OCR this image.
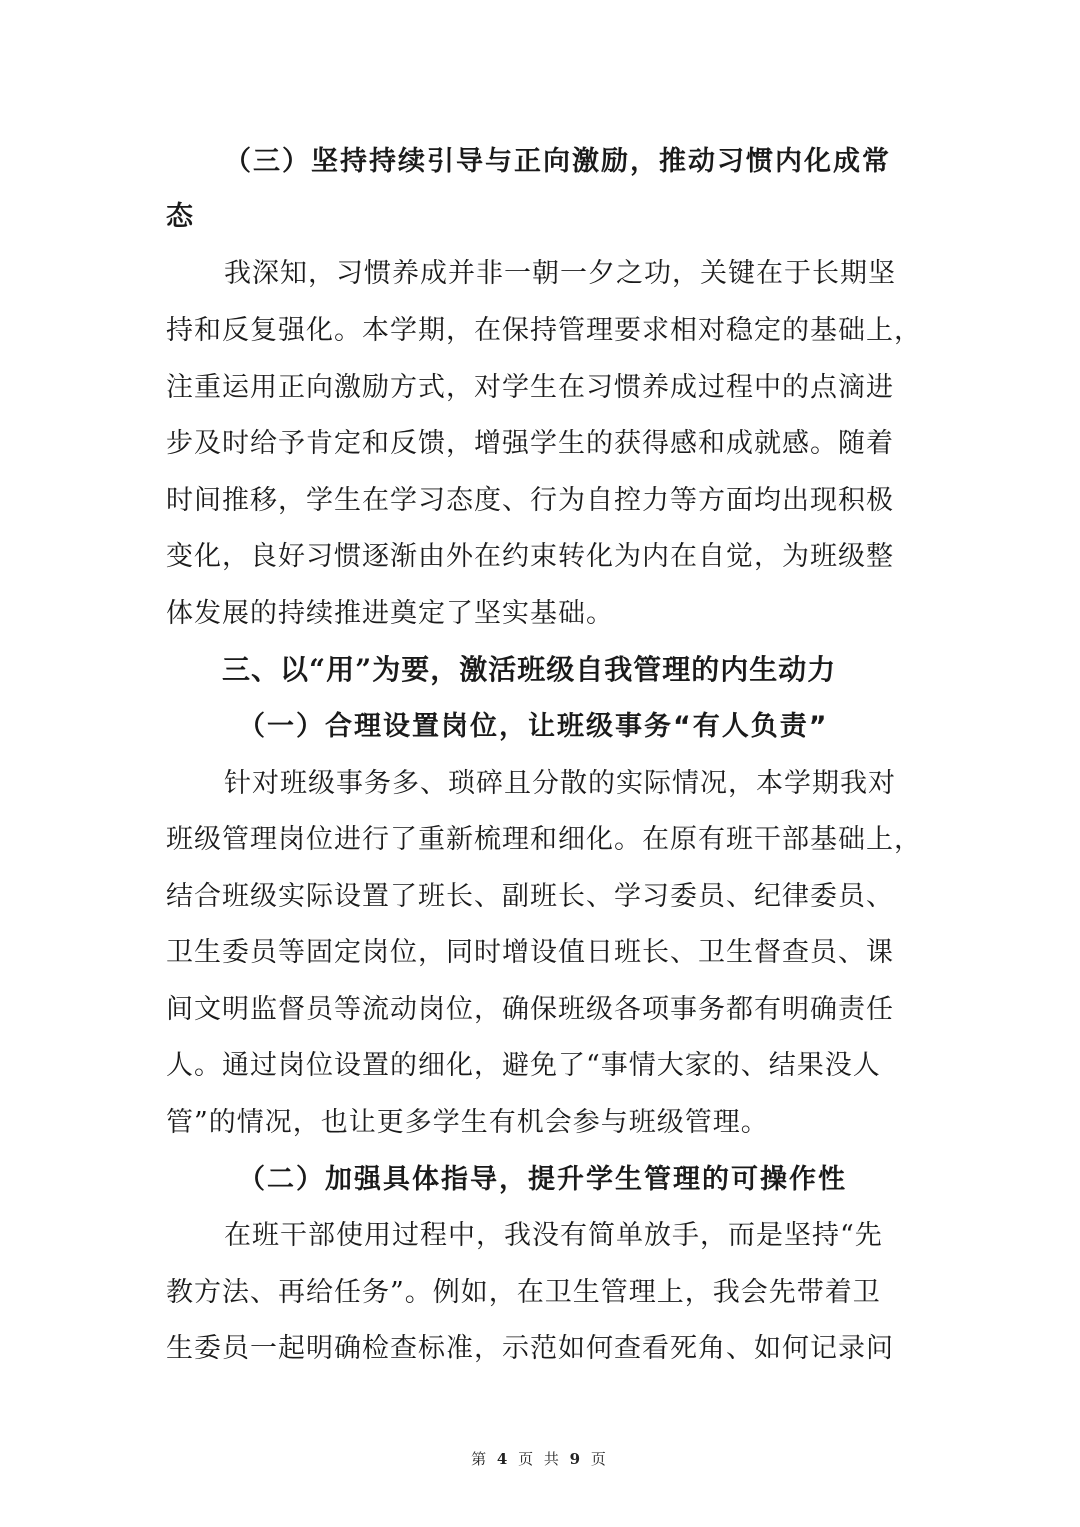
（三）坚持持续引导与正向激励，推动习惯内化成常
态
我深知，习惯养成并非一朝一夕之功，关键在于长期坚
持和反复强化。本学期，在保持管理要求相对稳定的基础上，
注重运用正向激励方式，对学生在习惯养成过程中的点滴进
步及时给予肯定和反馈，增强学生的获得感和成就感。随着
时间推移，学生在学习态度、行为自控力等方面均出现积极
变化，良好习惯逐渐由外在约束转化为内在自觉，为班级整
体发展的持续推进奠定了坚实基础。
三、以“用”为要，激活班级自我管理的内生动力
（一）合理设置岗位，让班级事务“有人负责”
针对班级事务多、琐碎且分散的实际情况，本学期我对
班级管理岗位进行了重新梳理和细化。在原有班干部基础上，
结合班级实际设置了班长、副班长、学习委员、纪律委员、
卫生委员等固定岗位，同时增设值日班长、卫生督查员、课
间文明监督员等流动岗位，确保班级各项事务都有明确责任
人。通过岗位设置的细化，避免了“事情大家的、结果没人
管”的情况，也让更多学生有机会参与班级管理。
（二）加强具体指导，提升学生管理的可操作性
在班干部使用过程中，我没有简单放手，而是坚持“先
教方法、再给任务”。例如，在卫生管理上，我会先带着卫
生委员一起明确检查标准，示范如何查看死角、如何记录问
第 4 页 共 9 页
